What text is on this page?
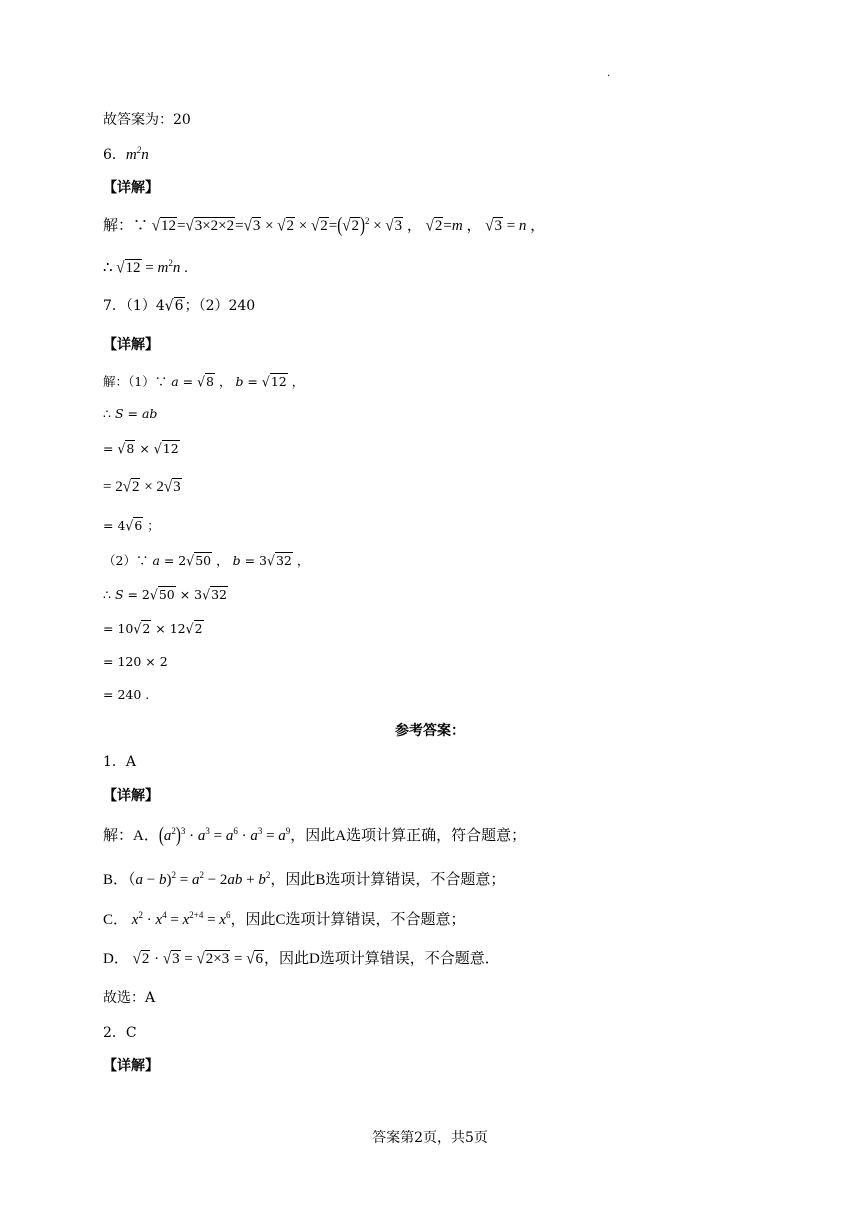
.
故答案为：20
6．$m^2n$
【详解】
解：∵ $√12=√3\times 2\times 2=√3 \times √2 \times √2=(√2)^2 \times √3$ ， √2=m ， √3 = n ，
∴ $√12 = m^2n$ .
7．（1）4√6；（2）240
【详解】
解：（1）∵ a = √8 ， b = √12 ，
∴ S = ab
= √8 × √12
= 2√2 × 2√3
= 4√6 ；
（2）∵ a = 2√50 ， b = 3√32 ，
∴ S = 2√50 × 3√32
= 10√2 × 12√2
= 120 × 2
= 240 .
参考答案：
1．A
【详解】
解：A．$(a^2)^3 \cdot a^3 = a^6 \cdot a^3 = a^9$，因此A选项计算正确，符合题意；
B．$(a - b)^2 = a^2 - 2ab + b^2$，因此B选项计算错误，不合题意；
C． $x^2 \cdot x^4 = x^{2+4} = x^6$，因此C选项计算错误，不合题意；
D． √2 · √3 = √2×3 = √6，因此D选项计算错误，不合题意．
故选：A
2．C
【详解】
答案第2页，共5页
